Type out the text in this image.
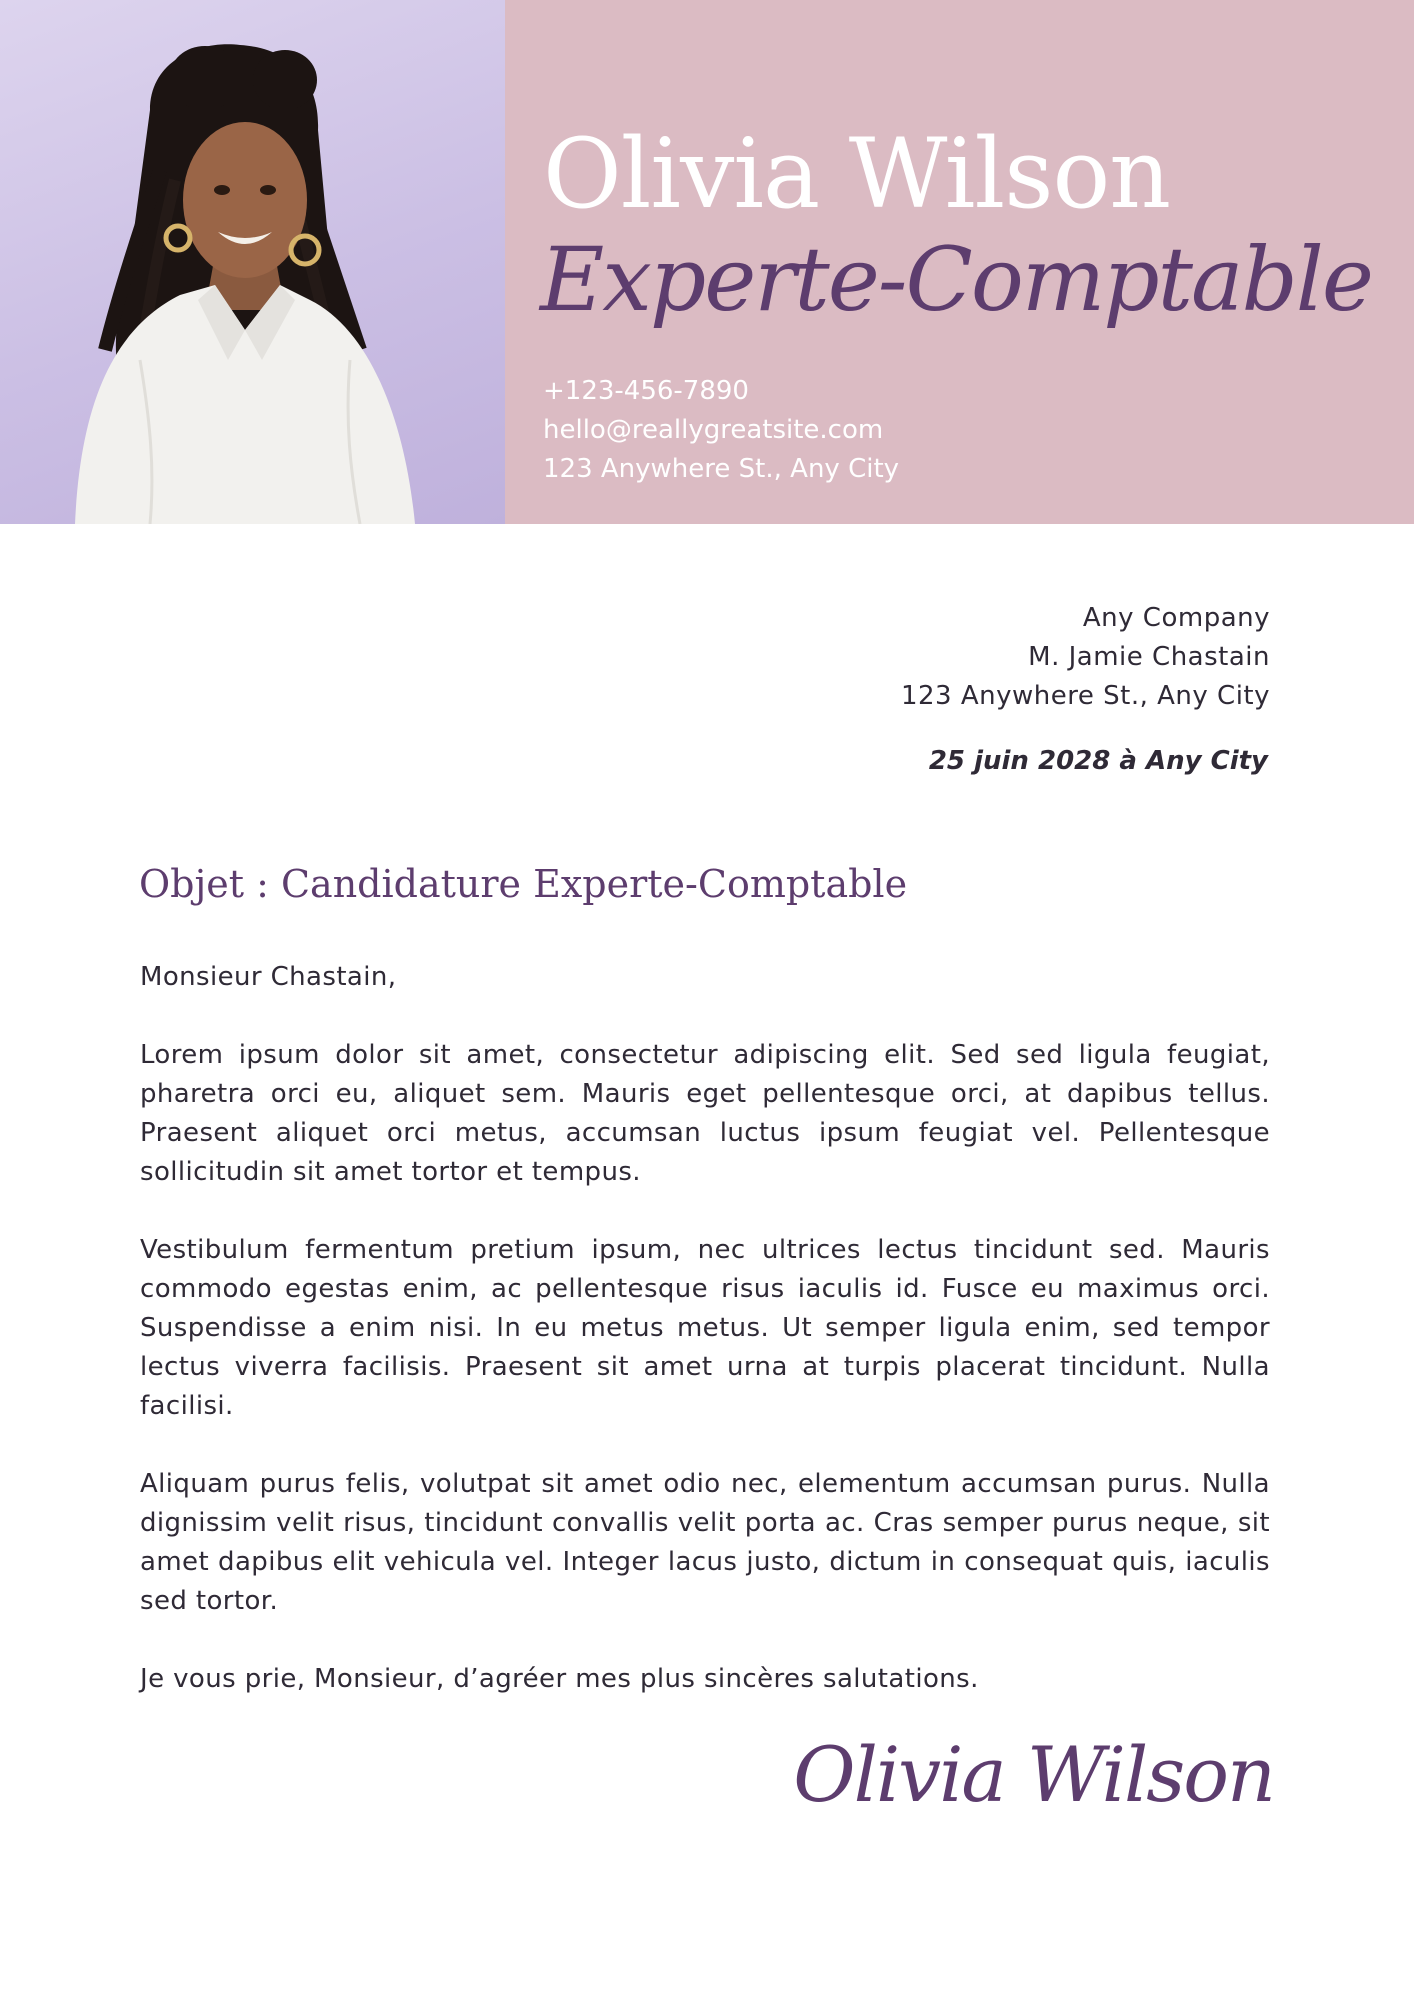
Olivia Wilson
Experte-Comptable
+123-456-7890
hello@reallygreatsite.com
123 Anywhere St., Any City
Any Company
M. Jamie Chastain
123 Anywhere St., Any City
25 juin 2028 à Any City
Objet : Candidature Experte-Comptable

Monsieur Chastain,

Lorem ipsum dolor sit amet, consectetur adipiscing elit. Sed sed ligula feugiat, pharetra orci eu, aliquet sem. Mauris eget pellentesque orci, at dapibus tellus. Praesent aliquet orci metus, accumsan luctus ipsum feugiat vel. Pellentesque sollicitudin sit amet tortor et tempus.

Vestibulum fermentum pretium ipsum, nec ultrices lectus tincidunt sed. Mauris commodo egestas enim, ac pellentesque risus iaculis id. Fusce eu maximus orci. Suspendisse a enim nisi. In eu metus metus. Ut semper ligula enim, sed tempor lectus viverra facilisis. Praesent sit amet urna at turpis placerat tincidunt. Nulla facilisi.

Aliquam purus felis, volutpat sit amet odio nec, elementum accumsan purus. Nulla dignissim velit risus, tincidunt convallis velit porta ac. Cras semper purus neque, sit amet dapibus elit vehicula vel. Integer lacus justo, dictum in consequat quis, iaculis sed tortor.

Je vous prie, Monsieur, d’agréer mes plus sincères salutations.

Olivia Wilson
